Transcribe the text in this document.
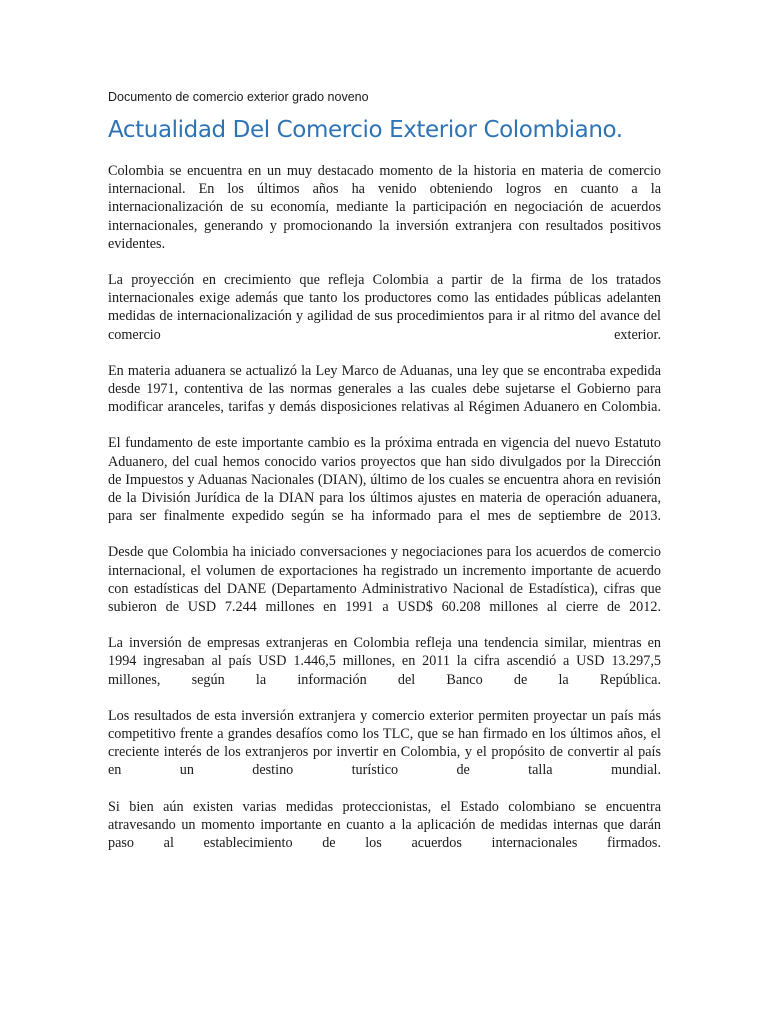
Documento de comercio exterior grado noveno

Actualidad Del Comercio Exterior Colombiano.

Colombia se encuentra en un muy destacado momento de la historia en materia de comercio internacional. En los últimos años ha venido obteniendo logros en cuanto a la internacionalización de su economía, mediante la participación en negociación de acuerdos internacionales, generando y promocionando la inversión extranjera con resultados positivos evidentes.

La proyección en crecimiento que refleja Colombia a partir de la firma de los tratados internacionales exige además que tanto los productores como las entidades públicas adelanten medidas de internacionalización y agilidad de sus procedimientos para ir al ritmo del avance del comercio exterior.

En materia aduanera se actualizó la Ley Marco de Aduanas, una ley que se encontraba expedida desde 1971, contentiva de las normas generales a las cuales debe sujetarse el Gobierno para modificar aranceles, tarifas y demás disposiciones relativas al Régimen Aduanero en Colombia.

El fundamento de este importante cambio es la próxima entrada en vigencia del nuevo Estatuto Aduanero, del cual hemos conocido varios proyectos que han sido divulgados por la Dirección de Impuestos y Aduanas Nacionales (DIAN), último de los cuales se encuentra ahora en revisión de la División Jurídica de la DIAN para los últimos ajustes en materia de operación aduanera, para ser finalmente expedido según se ha informado para el mes de septiembre de 2013.

Desde que Colombia ha iniciado conversaciones y negociaciones para los acuerdos de comercio internacional, el volumen de exportaciones ha registrado un incremento importante de acuerdo con estadísticas del DANE (Departamento Administrativo Nacional de Estadística), cifras que subieron de USD 7.244 millones en 1991 a USD$ 60.208 millones al cierre de 2012.

La inversión de empresas extranjeras en Colombia refleja una tendencia similar, mientras en 1994 ingresaban al país USD 1.446,5 millones, en 2011 la cifra ascendió a USD 13.297,5 millones, según la información del Banco de la República.

Los resultados de esta inversión extranjera y comercio exterior permiten proyectar un país más competitivo frente a grandes desafíos como los TLC, que se han firmado en los últimos años, el creciente interés de los extranjeros por invertir en Colombia, y el propósito de convertir al país en un destino turístico de talla mundial.

Si bien aún existen varias medidas proteccionistas, el Estado colombiano se encuentra atravesando un momento importante en cuanto a la aplicación de medidas internas que darán paso al establecimiento de los acuerdos internacionales firmados.
